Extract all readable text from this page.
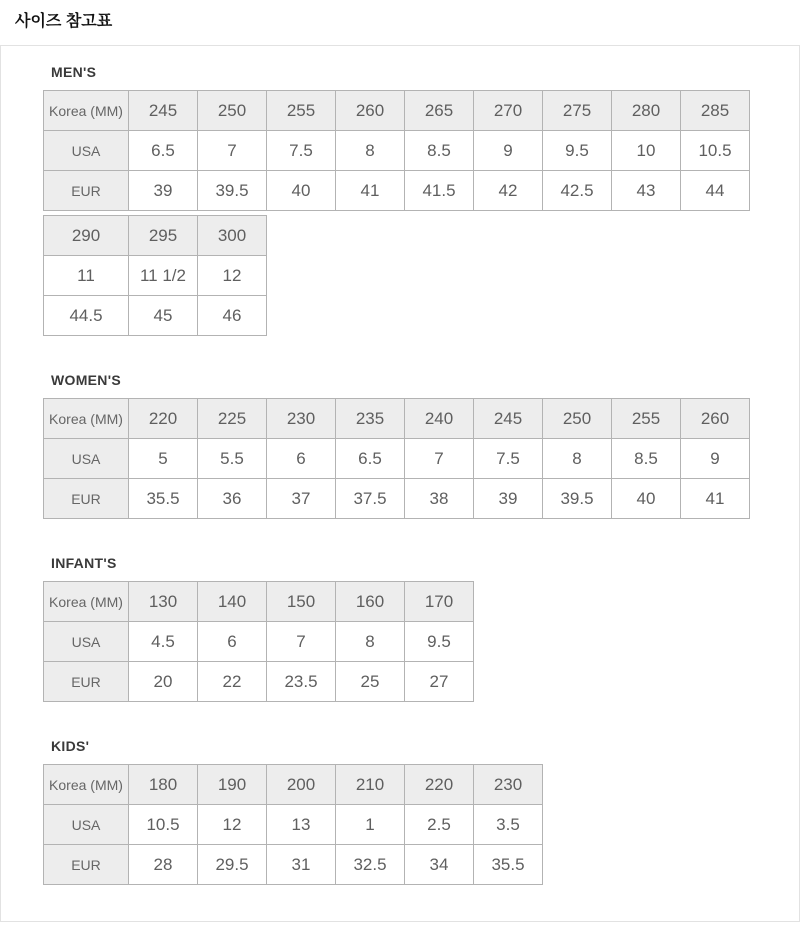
사이즈 참고표
MEN'S
Korea (MM)	245	250	255	260	265	270	275	280	285
USA	6.5	7	7.5	8	8.5	9	9.5	10	10.5
EUR	39	39.5	40	41	41.5	42	42.5	43	44
290	295	300
11	11 1/2	12
44.5	45	46
WOMEN'S
Korea (MM)	220	225	230	235	240	245	250	255	260
USA	5	5.5	6	6.5	7	7.5	8	8.5	9
EUR	35.5	36	37	37.5	38	39	39.5	40	41
INFANT'S
Korea (MM)	130	140	150	160	170
USA	4.5	6	7	8	9.5
EUR	20	22	23.5	25	27
KIDS'
Korea (MM)	180	190	200	210	220	230
USA	10.5	12	13	1	2.5	3.5
EUR	28	29.5	31	32.5	34	35.5
